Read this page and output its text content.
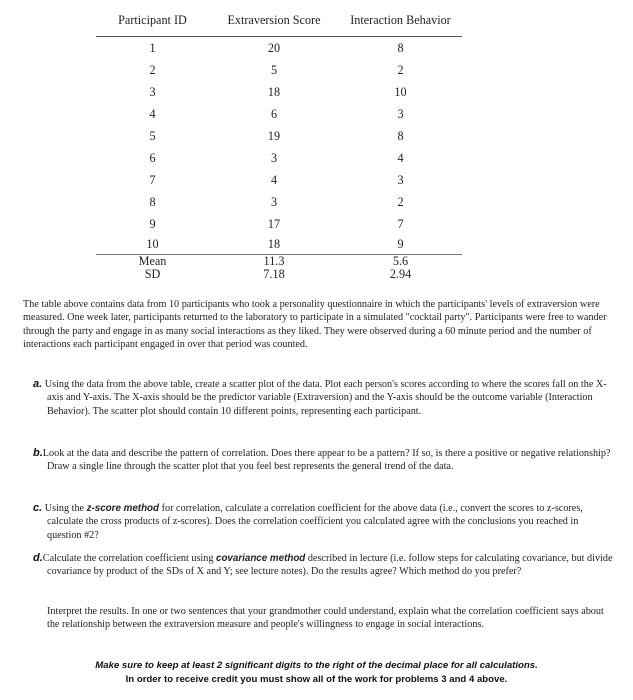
Participant ID	Extraversion Score	Interaction Behavior
1	20	8
2	5	2
3	18	10
4	6	3
5	19	8
6	3	4
7	4	3
8	3	2
9	17	7
10	18	9
Mean	11.3	5.6
SD	7.18	2.94

The table above contains data from 10 participants who took a personality questionnaire in which the participants' levels of extraversion were measured. One week later, participants returned to the laboratory to participate in a simulated "cocktail party". Participants were free to wander through the party and engage in as many social interactions as they liked. They were observed during a 60 minute period and the number of interactions each participant engaged in over that period was counted.

a. Using the data from the above table, create a scatter plot of the data. Plot each person's scores according to where the scores fall on the X-axis and Y-axis. The X-axis should be the predictor variable (Extraversion) and the Y-axis should be the outcome variable (Interaction Behavior). The scatter plot should contain 10 different points, representing each participant.
b.Look at the data and describe the pattern of correlation. Does there appear to be a pattern? If so, is there a positive or negative relationship? Draw a single line through the scatter plot that you feel best represents the general trend of the data.
c. Using the z-score method for correlation, calculate a correlation coefficient for the above data (i.e., convert the scores to z-scores, calculate the cross products of z-scores). Does the correlation coefficient you calculated agree with the conclusions you reached in question #2?
d.Calculate the correlation coefficient using covariance method described in lecture (i.e. follow steps for calculating covariance, but divide covariance by product of the SDs of X and Y; see lecture notes). Do the results agree? Which method do you prefer?

Interpret the results. In one or two sentences that your grandmother could understand, explain what the correlation coefficient says about the relationship between the extraversion measure and people's willingness to engage in social interactions.

Make sure to keep at least 2 significant digits to the right of the decimal place for all calculations.
In order to receive credit you must show all of the work for problems 3 and 4 above.
